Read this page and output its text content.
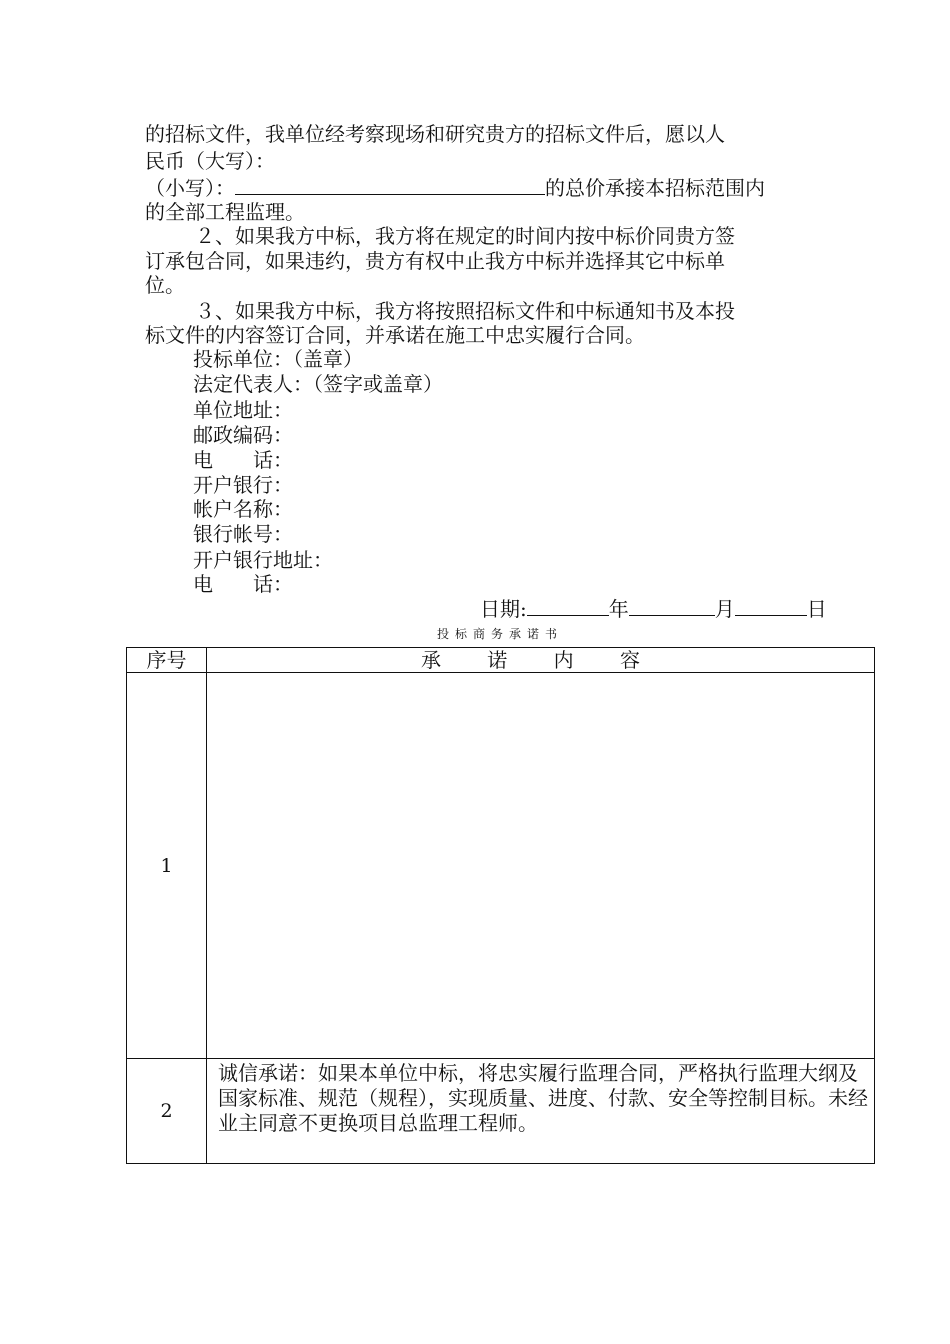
的招标文件，我单位经考察现场和研究贵方的招标文件后，愿以人
民币（大写）：
（小写）：	的总价承接本招标范围内
的全部工程监理。
２、如果我方中标，我方将在规定的时间内按中标价同贵方签
订承包合同，如果违约，贵方有权中止我方中标并选择其它中标单
位。
３、如果我方中标，我方将按照招标文件和中标通知书及本投
标文件的内容签订合同，并承诺在施工中忠实履行合同。
投标单位：（盖章）
法定代表人：（签字或盖章）
单位地址：
邮政编码：
电　　话：
开户银行：
帐户名称：
银行帐号：
开户银行地址：
电　　话：
日期:	年	月	日
投标商务承诺书
序号	承 诺 内 容
1	
2	诚信承诺：如果本单位中标，将忠实履行监理合同，严格执行监理大纲及国家标准、规范（规程），实现质量、进度、付款、安全等控制目标。未经业主同意不更换项目总监理工程师。
